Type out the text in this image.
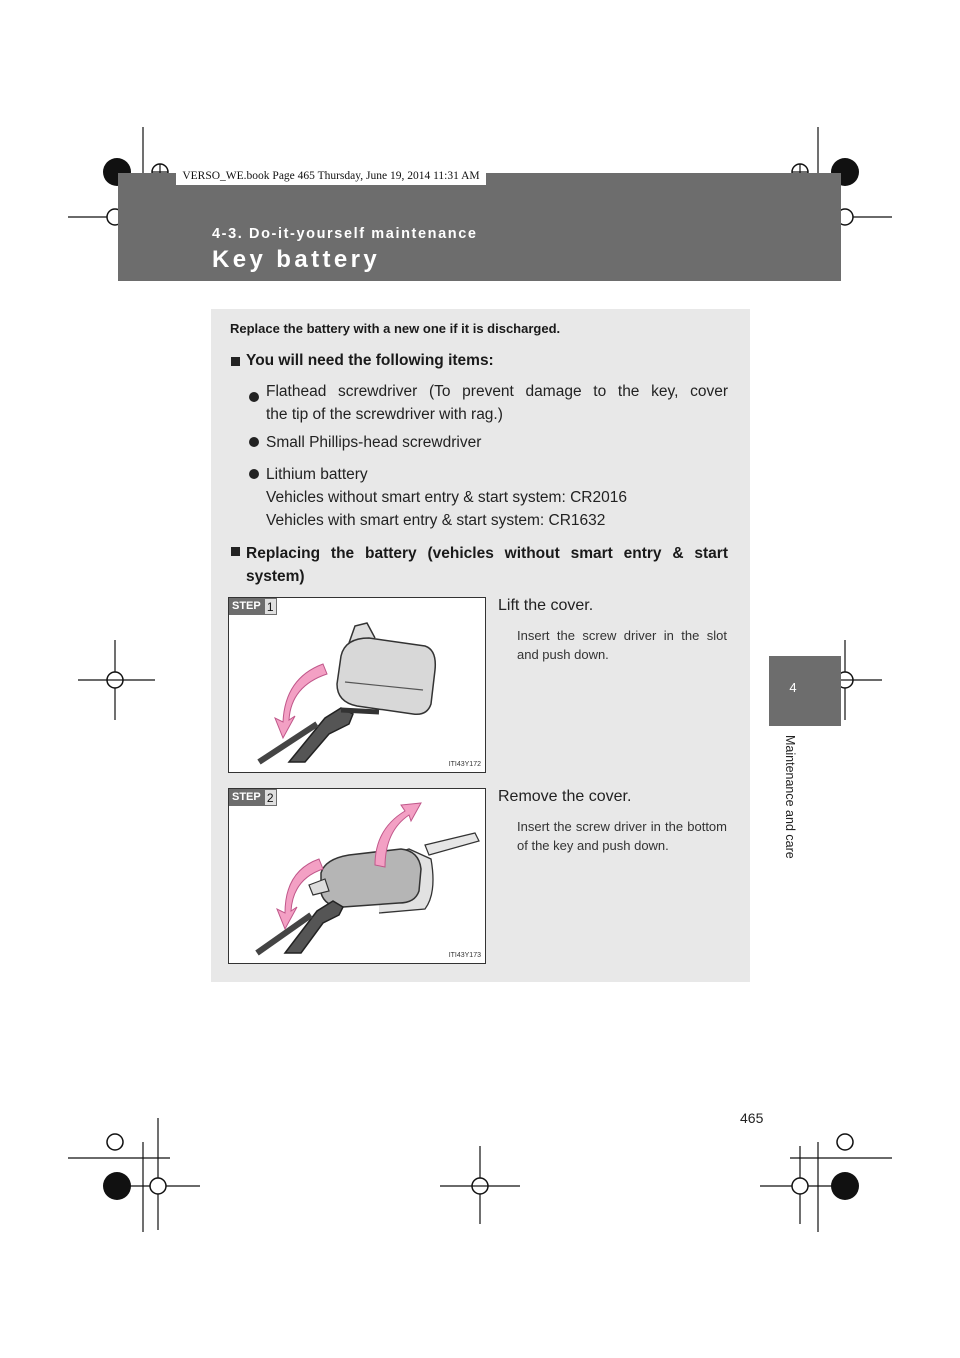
VERSO_WE.book Page 465 Thursday, June 19, 2014 11:31 AM
4-3. Do-it-yourself maintenance
Key battery
4
Maintenance and care
Replace the battery with a new one if it is discharged.
You will need the following items:
Flathead screwdriver (To prevent damage to the key, cover
the tip of the screwdriver with rag.)
Small Phillips-head screwdriver
Lithium battery
Vehicles without smart entry & start system: CR2016
Vehicles with smart entry & start system: CR1632
Replacing the battery (vehicles without smart entry & start system)
STEP 1
ITI43Y172
Lift the cover.
Insert the screw driver in the slot and push down.
STEP 2
ITI43Y173
Remove the cover.
Insert the screw driver in the bottom of the key and push down.
465
